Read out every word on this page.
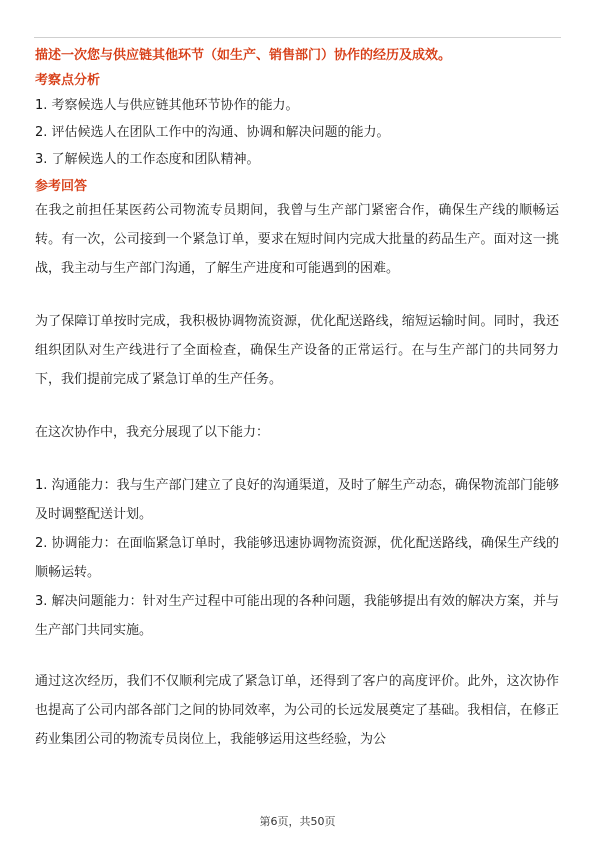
描述一次您与供应链其他环节（如生产、销售部门）协作的经历及成效。

考察点分析

1. 考察候选人与供应链其他环节协作的能力。

2. 评估候选人在团队工作中的沟通、协调和解决问题的能力。

3. 了解候选人的工作态度和团队精神。

参考回答

在我之前担任某医药公司物流专员期间，我曾与生产部门紧密合作，确保生产线的顺畅运转。有一次，公司接到一个紧急订单，要求在短时间内完成大批量的药品生产。面对这一挑战，我主动与生产部门沟通，了解生产进度和可能遇到的困难。

为了保障订单按时完成，我积极协调物流资源，优化配送路线，缩短运输时间。同时，我还组织团队对生产线进行了全面检查，确保生产设备的正常运行。在与生产部门的共同努力下，我们提前完成了紧急订单的生产任务。

在这次协作中，我充分展现了以下能力：

1. 沟通能力：我与生产部门建立了良好的沟通渠道，及时了解生产动态，确保物流部门能够及时调整配送计划。

2. 协调能力：在面临紧急订单时，我能够迅速协调物流资源，优化配送路线，确保生产线的顺畅运转。

3. 解决问题能力：针对生产过程中可能出现的各种问题，我能够提出有效的解决方案，并与生产部门共同实施。

通过这次经历，我们不仅顺利完成了紧急订单，还得到了客户的高度评价。此外，这次协作也提高了公司内部各部门之间的协同效率，为公司的长远发展奠定了基础。我相信，在修正药业集团公司的物流专员岗位上，我能够运用这些经验，为公

第6页，共50页
